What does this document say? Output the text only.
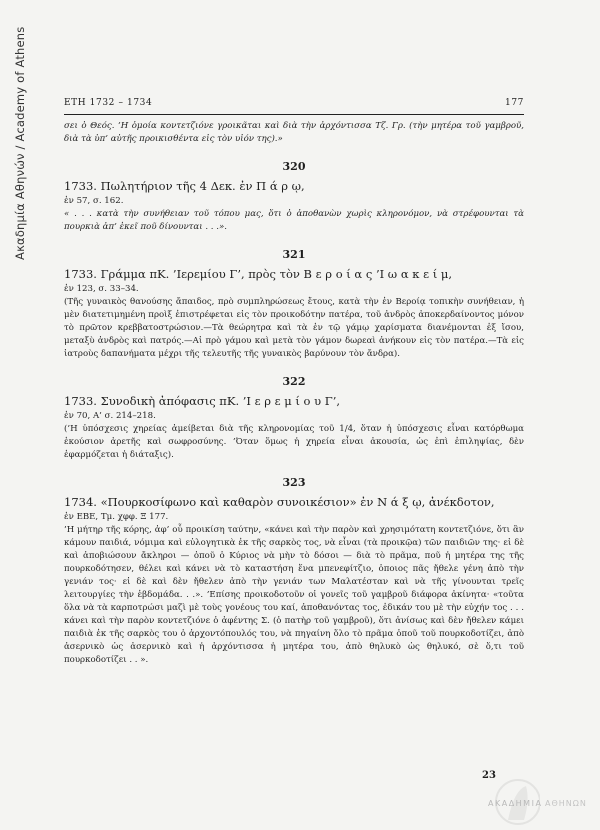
Ακαδημία Αθηνών / Academy of Athens	ΕΤΗ 1732 – 1734	177

σει ὁ Θεός. ’Η ὁμοία κοντετζιόνε γροικᾶται καὶ διὰ τὴν ἀρχόντισσα Τζ. Γρ. (τὴν μητέρα τοῦ γαμβροῦ, διὰ τὰ ὑπ’ αὐτῆς προικισθέντα εἰς τὸν υἱόν της).»

320
1733. Πωλητήριον τῆς 4 Δεκ. ἐν Π ά ρ ῳ,
ἐν 57, σ. 162.

« . . . κατὰ τὴν συνήθειαν τοῦ τόπου μας, ὅτι ὁ ἀποθανὼν χωρὶς κληρονόμον, νὰ στρέφουνται τὰ πουρκιὰ ἀπ’ ἐκεῖ ποῦ δίνουνται . . .».

321
1733. Γράμμα πΚ. ’Ιερεμίου Γ’, πρὸς τὸν Β ε ρ ο ί α ς ’Ι ω α κ ε ί μ,
ἐν 123, σ. 33–34.

(Τῆς γυναικὸς θανούσης ἄπαιδος, πρὸ συμπληρώσεως ἔτους, κατὰ τὴν ἐν Βεροίᾳ τοπικὴν συνήθειαν, ἡ μὲν διατετιμημένη προὶξ ἐπιστρέφεται εἰς τὸν προικοδότην πατέρα, τοῦ ἀνδρὸς ἀποκερδαίνοντος μόνον τὸ πρῶτον κρεββατοστρώσιον.—Τὰ θεώρητρα καὶ τὰ ἐν τῷ γάμῳ χαρίσματα διανέμονται ἐξ ἴσου, μεταξὺ ἀνδρὸς καὶ πατρός.—Αἱ πρὸ γάμου καὶ μετὰ τὸν γάμον δωρεαὶ ἀνήκουν εἰς τὸν πατέρα.—Τὰ εἰς ἰατροὺς δαπανήματα μέχρι τῆς τελευτῆς τῆς γυναικὸς βαρύνουν τὸν ἄνδρα).

322
1733. Συνοδικὴ ἀπόφασις πΚ. ’Ι ε ρ ε μ ί ο υ Γ’,
ἐν 70, Α’ σ. 214–218.

(’Η ὑπόσχεσις χηρείας ἀμείβεται διὰ τῆς κληρονομίας τοῦ 1/4, ὅταν ἡ ὑπόσχεσις εἶναι κατόρθωμα ἑκούσιον ἀρετῆς καὶ σωφροσύνης. ’Όταν ὅμως ἡ χηρεία εἶναι ἀκουσία, ὡς ἐπὶ ἐπιληψίας, δὲν ἐφαρμόζεται ἡ διάταξις).

323
1734. «Πουρκοσίφωνο καὶ καθαρὸν συνοικέσιον» ἐν Ν ά ξ ῳ, ἀνέκδοτον,
ἐν ΕΒΕ, Τμ. χφφ. Ξ 177.

’Η μήτηρ τῆς κόρης, ἀφ’ οὗ προικίση ταύτην, «κάνει καὶ τὴν παρὸν καὶ χρησιμότατη κοντετζιόνε, ὅτι ἂν κάμουν παιδιά, νόμιμα καὶ εὐλογητικὰ ἐκ τῆς σαρκὸς τος, νὰ εἶναι (τὰ προικῷα) τῶν παιδιῶν της· εἰ δὲ καὶ ἀποβιώσουν ἄκληροι — ὁποῦ ὁ Κύριος νὰ μὴν τὸ δόσοι — διὰ τὸ πρᾶμα, ποῦ ἡ μητέρα της τῆς πουρκοδότησεν, θέλει καὶ κάνει νὰ τὸ καταστήση ἕνα μπενεφίτζιο, ὁποιος πᾶς ἤθελε γένη ἀπὸ τὴν γενιάν τος· εἰ δὲ καὶ δὲν ἤθελεν ἀπὸ τὴν γενιάν των Μαλατέσταν καὶ νὰ τῆς γίνουνται τρεῖς λειτουργίες τὴν ἑβδομάδα. . .». ’Επίσης προικοδοτοῦν οἱ γονεῖς τοῦ γαμβροῦ διάφορα ἀκίνητα· «τοῦτα ὅλα νὰ τὰ καρποτρώσι μαζὶ μὲ τοὺς γονέους του καί, ἀποθανόντας τος, ἐδικάν του μὲ τὴν εὐχήν τος . . . κάνει καὶ τὴν παρὸν κοντετζιόνε ὁ ἀφέντης Σ. (ὁ πατὴρ τοῦ γαμβροῦ), ὅτι ἀνίσως καὶ δὲν ἤθελεν κάμει παιδιὰ ἐκ τῆς σαρκὸς του ὁ ἀρχοντόπουλός του, νὰ πηγαίνη ὅλο τὸ πρᾶμα ὁποῦ τοῦ πουρκοδοτίζει, ἀπὸ ἀσερνικὸ ὡς ἀσερνικὸ καὶ ἡ ἀρχόντισσα ἡ μητέρα του, ἀπὸ θηλυκὸ ὡς θηλυκό, σὲ ὅ,τι τοῦ πουρκοδοτίζει . . ».

23
ΑΚΑΔΗΜΙΑ ΑΘΗΝΩΝ
